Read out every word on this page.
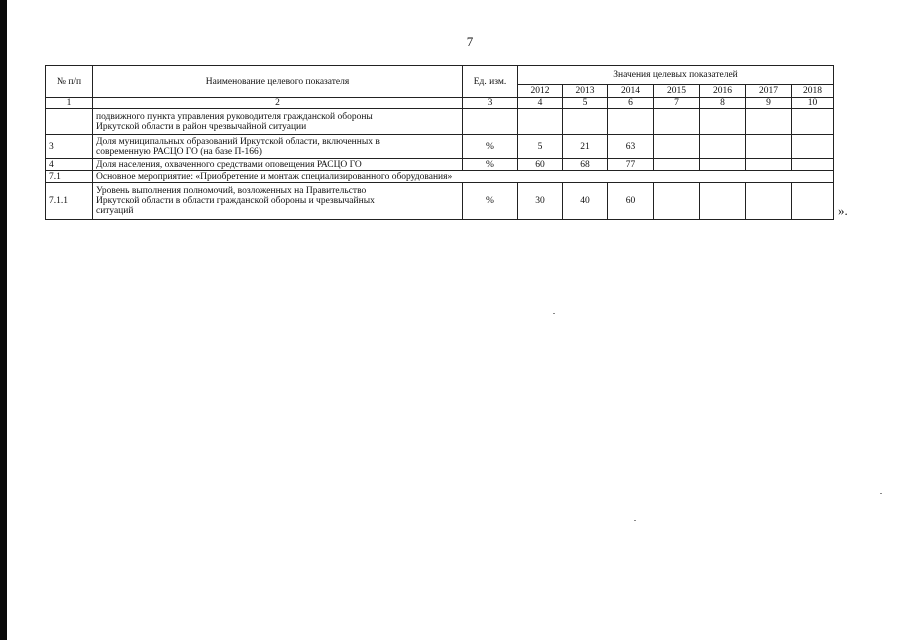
7
№ п/п	Наименование целевого показателя	Ед. изм.	Значения целевых показателей						
			2012	2013	2014	2015	2016	2017	2018
1	2	3	4	5	6	7	8	9	10

	подвижного пункта управления руководителя гражданской обороны
Иркутской области в район чрезвычайной ситуации								

3	Доля муниципальных образований Иркутской области, включенных в
современную РАСЦО ГО (на базе П-166)	%	5	21	63				
4	Доля населения, охваченного средствами оповещения РАСЦО ГО	%	60	68	77				
7.1	Основное мероприятие: «Приобретение и монтаж специализированного оборудования»								
7.1.1	Уровень выполнения полномочий, возложенных на Правительство
Иркутской области в области гражданской обороны и чрезвычайных
ситуаций	%	30	40	60				
».
